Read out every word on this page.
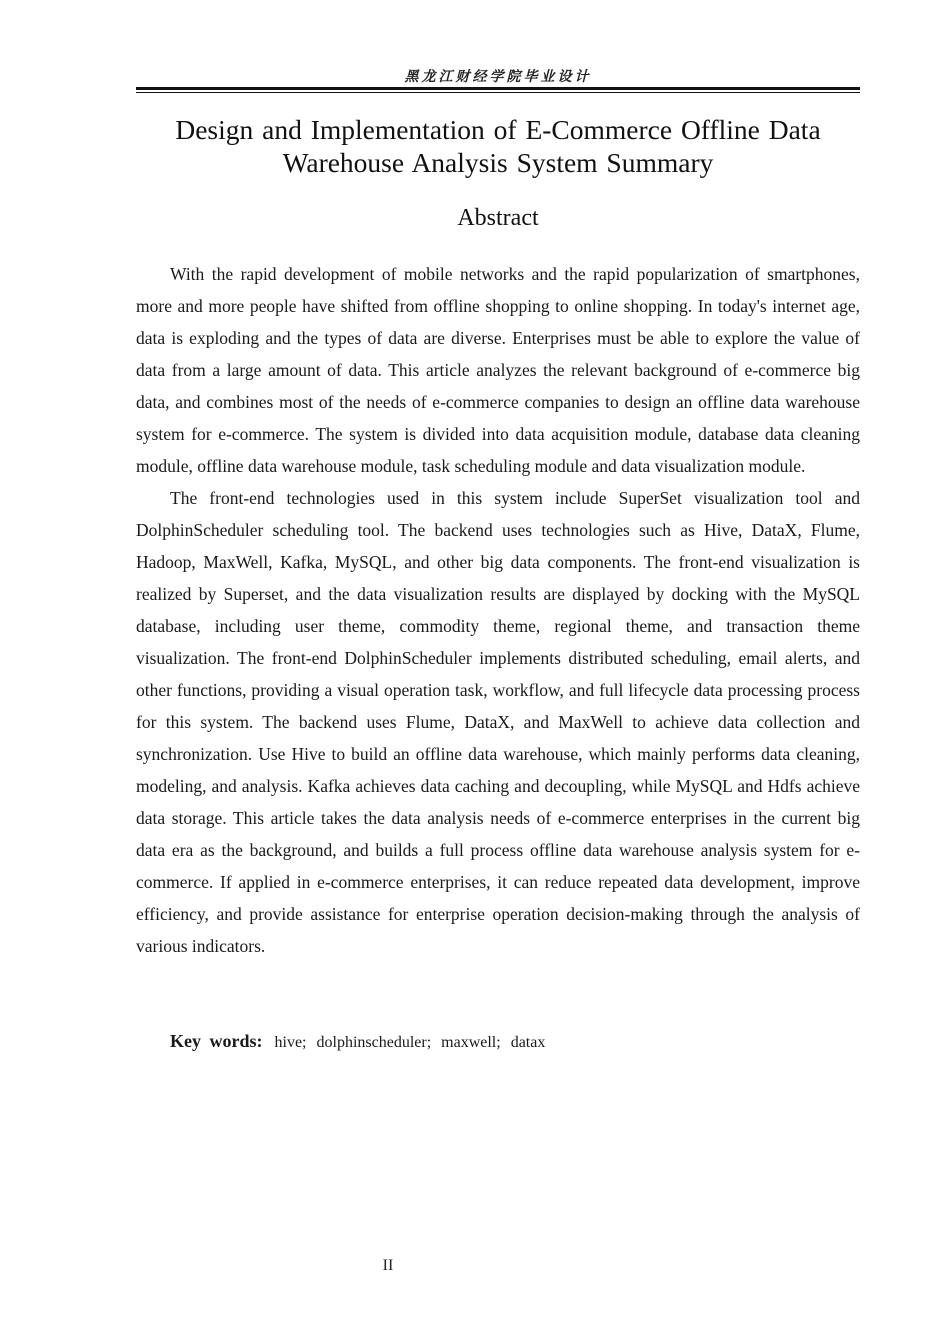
黑龙江财经学院毕业设计
Design and Implementation of E-Commerce Offline Data
Warehouse Analysis System Summary
Abstract

With the rapid development of mobile networks and the rapid popularization of smartphones, more and more people have shifted from offline shopping to online shopping. In today's internet age, data is exploding and the types of data are diverse. Enterprises must be able to explore the value of data from a large amount of data. This article analyzes the relevant background of e-commerce big data, and combines most of the needs of e-commerce companies to design an offline data warehouse system for e-commerce. The system is divided into data acquisition module, database data cleaning module, offline data warehouse module, task scheduling module and data visualization module.

The front-end technologies used in this system include SuperSet visualization tool and DolphinScheduler scheduling tool. The backend uses technologies such as Hive, DataX, Flume, Hadoop, MaxWell, Kafka, MySQL, and other big data components. The front-end visualization is realized by Superset, and the data visualization results are displayed by docking with the MySQL database, including user theme, commodity theme, regional theme, and transaction theme visualization. The front-end DolphinScheduler implements distributed scheduling, email alerts, and other functions, providing a visual operation task, workflow, and full lifecycle data processing process for this system. The backend uses Flume, DataX, and MaxWell to achieve data collection and synchronization. Use Hive to build an offline data warehouse, which mainly performs data cleaning, modeling, and analysis. Kafka achieves data caching and decoupling, while MySQL and Hdfs achieve data storage. This article takes the data analysis needs of e-commerce enterprises in the current big data era as the background, and builds a full process offline data warehouse analysis system for e-commerce. If applied in e-commerce enterprises, it can reduce repeated data development, improve efficiency, and provide assistance for enterprise operation decision-making through the analysis of various indicators.

Key words: hive; dolphinscheduler; maxwell; datax
II
